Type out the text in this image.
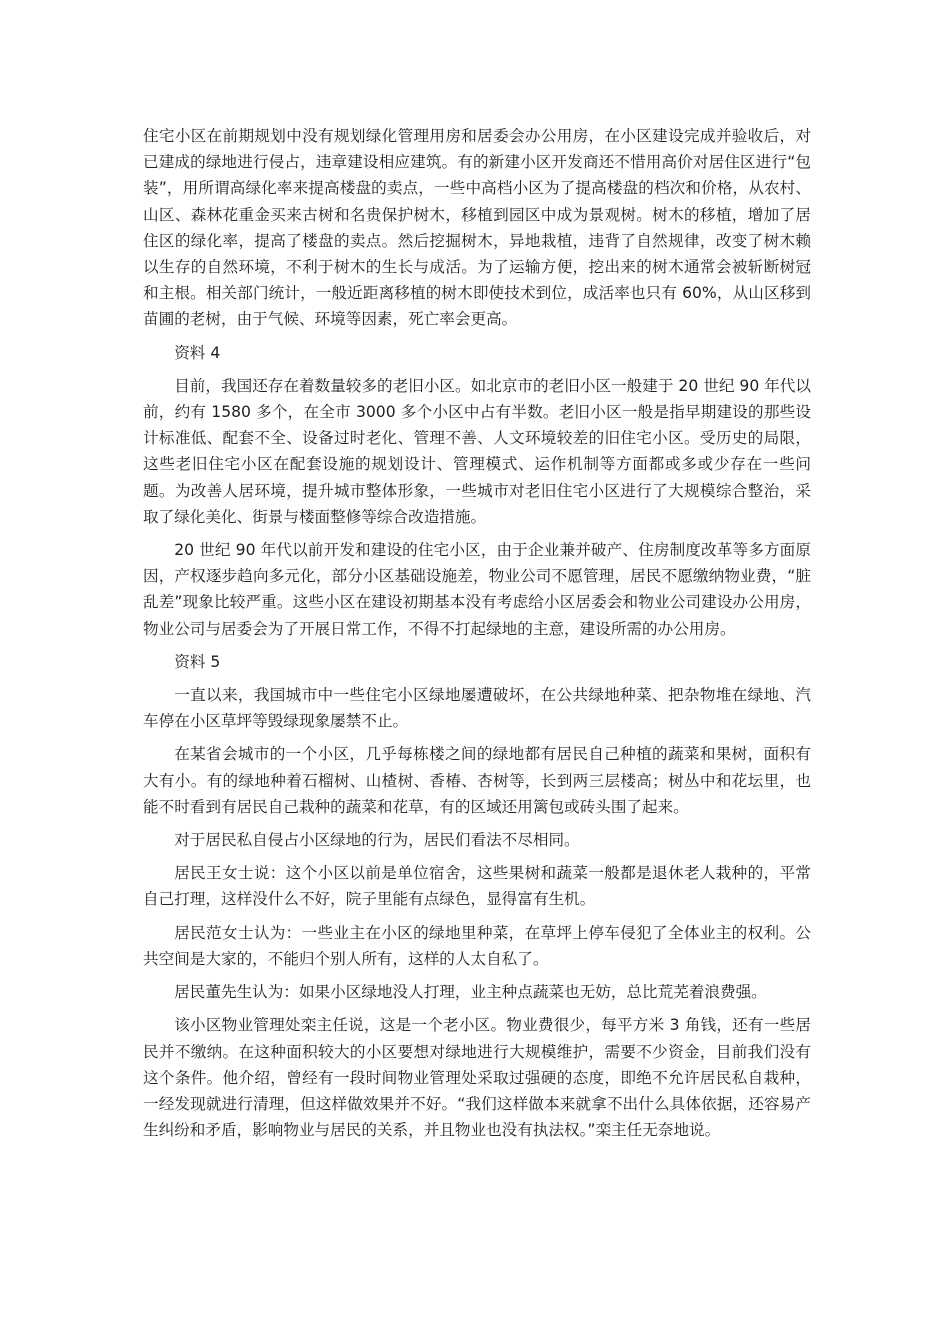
住宅小区在前期规划中没有规划绿化管理用房和居委会办公用房，在小区建设完成并验收后，对已建成的绿地进行侵占，违章建设相应建筑。有的新建小区开发商还不惜用高价对居住区进行“包装”，用所谓高绿化率来提高楼盘的卖点，一些中高档小区为了提高楼盘的档次和价格，从农村、山区、森林花重金买来古树和名贵保护树木，移植到园区中成为景观树。树木的移植，增加了居住区的绿化率，提高了楼盘的卖点。然后挖掘树木，异地栽植，违背了自然规律，改变了树木赖以生存的自然环境，不利于树木的生长与成活。为了运输方便，挖出来的树木通常会被斩断树冠和主根。相关部门统计，一般近距离移植的树木即使技术到位，成活率也只有 60%，从山区移到苗圃的老树，由于气候、环境等因素，死亡率会更高。

资料 4

目前，我国还存在着数量较多的老旧小区。如北京市的老旧小区一般建于 20 世纪 90 年代以前，约有 1580 多个，在全市 3000 多个小区中占有半数。老旧小区一般是指早期建设的那些设计标准低、配套不全、设备过时老化、管理不善、人文环境较差的旧住宅小区。受历史的局限，这些老旧住宅小区在配套设施的规划设计、管理模式、运作机制等方面都或多或少存在一些问题。为改善人居环境，提升城市整体形象，一些城市对老旧住宅小区进行了大规模综合整治，采取了绿化美化、街景与楼面整修等综合改造措施。

20 世纪 90 年代以前开发和建设的住宅小区，由于企业兼并破产、住房制度改革等多方面原因，产权逐步趋向多元化，部分小区基础设施差，物业公司不愿管理，居民不愿缴纳物业费，“脏乱差”现象比较严重。这些小区在建设初期基本没有考虑给小区居委会和物业公司建设办公用房，物业公司与居委会为了开展日常工作，不得不打起绿地的主意，建设所需的办公用房。

资料 5

一直以来，我国城市中一些住宅小区绿地屡遭破坏，在公共绿地种菜、把杂物堆在绿地、汽车停在小区草坪等毁绿现象屡禁不止。

在某省会城市的一个小区，几乎每栋楼之间的绿地都有居民自己种植的蔬菜和果树，面积有大有小。有的绿地种着石榴树、山楂树、香椿、杏树等，长到两三层楼高；树丛中和花坛里，也能不时看到有居民自己栽种的蔬菜和花草，有的区域还用篱包或砖头围了起来。

对于居民私自侵占小区绿地的行为，居民们看法不尽相同。

居民王女士说：这个小区以前是单位宿舍，这些果树和蔬菜一般都是退休老人栽种的，平常自己打理，这样没什么不好，院子里能有点绿色，显得富有生机。

居民范女士认为：一些业主在小区的绿地里种菜，在草坪上停车侵犯了全体业主的权利。公共空间是大家的，不能归个别人所有，这样的人太自私了。

居民董先生认为：如果小区绿地没人打理，业主种点蔬菜也无妨，总比荒芜着浪费强。

该小区物业管理处栾主任说，这是一个老小区。物业费很少，每平方米 3 角钱，还有一些居民并不缴纳。在这种面积较大的小区要想对绿地进行大规模维护，需要不少资金，目前我们没有这个条件。他介绍，曾经有一段时间物业管理处采取过强硬的态度，即绝不允许居民私自栽种，一经发现就进行清理，但这样做效果并不好。“我们这样做本来就拿不出什么具体依据，还容易产生纠纷和矛盾，影响物业与居民的关系，并且物业也没有执法权。”栾主任无奈地说。
